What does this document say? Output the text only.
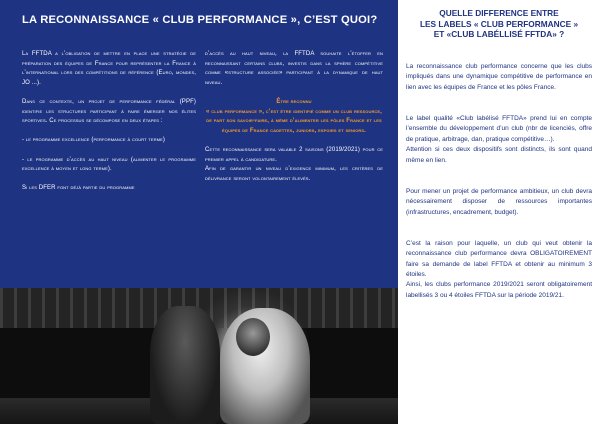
LA RECONNAISSANCE « CLUB PERFORMANCE », C’EST QUOI?

La FFTDA a l’obligation de mettre en place une stratégie de préparation des équipes de France pour représenter la France à l’international lors des compétitions de référence (Euro, mondes, JO ...).

Dans ce contexte, un projet de performance fédéral (PPF) identifie les structures participant à faire émerger nos élites sportives. Ce processus se décompose en deux étapes :

- le programme excellence (performance à court terme)

- le programme d’accès au haut niveau (alimenter le programme excellence à moyen et long terme).

Si les DFER font déjà partie du programme

d’accès au haut niveau, la FFTDA souhaite l’étoffer en reconnaissant certains clubs, investis dans la sphère compétitive comme «structure associée» participant à la dynamique de haut niveau.

Être reconnu
« club performance », c’est être identifié comme un club ressource,
de part son savoir-faire, à même d’alimenter les pôles France et les équipes de France cadettes, juniors, espoirs et seniors.

Cette reconnaissance sera valable 2 saisons (2019/2021) pour ce premier appel à candidature.

Afin de garantir un niveau d’exigence minimum, les critères de délivrance seront volontairement élevés.

QUELLE DIFFERENCE ENTRE
LES LABELS « CLUB PERFORMANCE »
ET «CLUB LABÉLLISÉ FFTDA» ?

La reconnaissance club performance concerne que les clubs impliqués dans une dynamique compétitive de performance en lien avec les équipes de France et les pôles France.

Le label qualité «Club labélisé FFTDA» prend lui en compte l’ensemble du développement d’un club (nbr de licenciés, offre de pratique, arbitrage, dan, pratique compétitive…).

Attention si ces deux dispositifs sont distincts, ils sont quand même en lien.

Pour mener un projet de performance ambitieux, un club devra nécessairement disposer de ressources importantes (infrastructures, encadrement, budget).

C’est la raison pour laquelle, un club qui veut obtenir la reconnaissance club performance devra OBLIGATOIREMENT faire sa demande de label FFTDA et obtenir au minimum 3 étoiles.

Ainsi, les clubs performance 2019/2021 seront obligatoirement labellisés 3 ou 4 étoiles FFTDA sur la période 2019/21.
